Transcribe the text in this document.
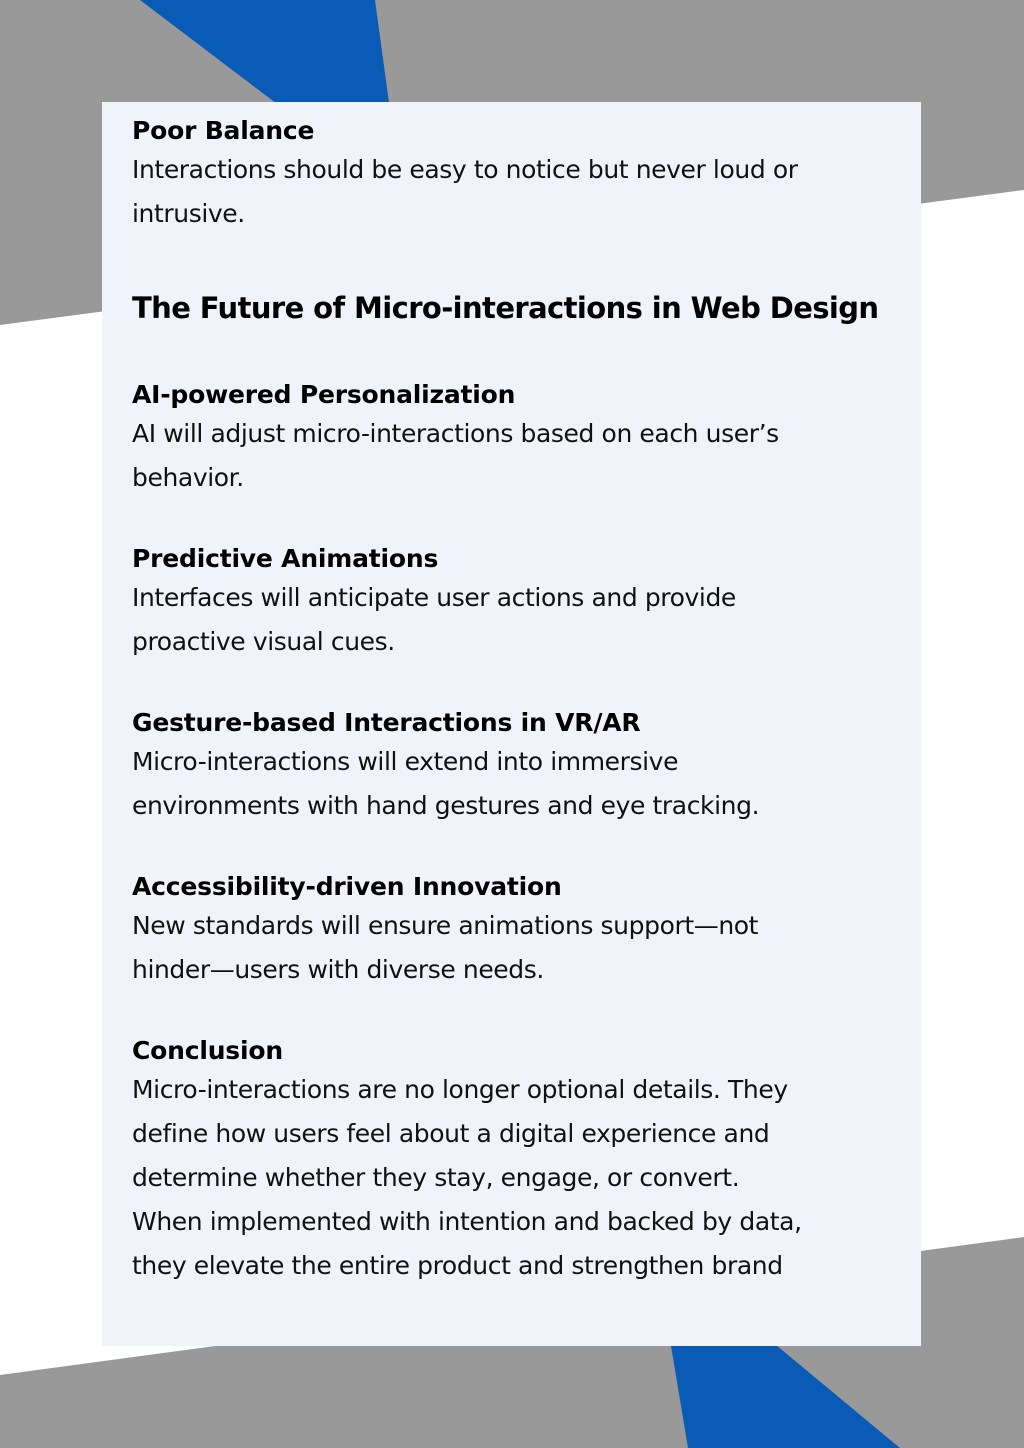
Poor Balance

Interactions should be easy to notice but never loud or

intrusive.

The Future of Micro-interactions in Web Design

AI-powered Personalization

AI will adjust micro-interactions based on each user’s

behavior.

Predictive Animations

Interfaces will anticipate user actions and provide

proactive visual cues.

Gesture-based Interactions in VR/AR

Micro-interactions will extend into immersive

environments with hand gestures and eye tracking.

Accessibility-driven Innovation

New standards will ensure animations support—not

hinder—users with diverse needs.

Conclusion

Micro-interactions are no longer optional details. They

define how users feel about a digital experience and

determine whether they stay, engage, or convert.

When implemented with intention and backed by data,

they elevate the entire product and strengthen brand
